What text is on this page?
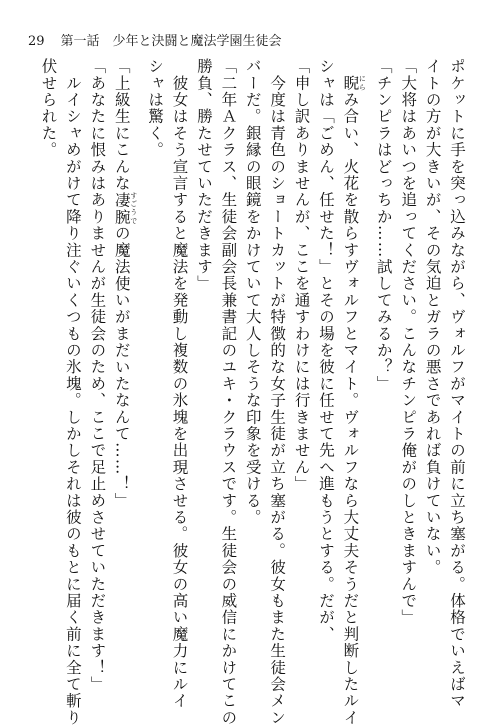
29 第一話　少年と決闘と魔法学園生徒会
ポケットに手を突っ込みながら、ヴォルフがマイトの前に立ち塞がる。体格でいえばマ
イトの方が大きいが、その気迫とガラの悪さであれば負けていない。
「大将はあいつを追ってください。こんなチンピラ俺がのしときますんで」
「チンピラはどっちか……試してみるか？」
　睨 にらみ合い、火花を散らすヴォルフとマイト。ヴォルフなら大丈夫そうだと判断したルイ
シャは「ごめん、任せた！」とその場を彼に任せて先へ進もうとする。だが、
「申し訳ありませんが、ここを通すわけには行きません」
　今度は青色のショートカットが特徴的な女子生徒が立ち塞がる。彼女もまた生徒会メン
バーだ。銀縁の眼鏡をかけていて大人しそうな印象を受ける。
「二年Ａクラス、生徒会副会長兼書記のユキ・クラウスです。生徒会の威信にかけてこの
勝負、勝たせていただきます」
　彼女はそう宣言すると魔法を発動し複数の氷塊を出現させる。彼女の高い魔力にルイ
シャは驚く。
「上級生にこんな凄腕 すごうでの魔法使いがまだいたなんて……！」
「あなたに恨みはありませんが生徒会のため、ここで足止めさせていただきます！」
　ルイシャめがけて降り注ぐいくつもの氷塊。しかしそれは彼のもとに届く前に全て斬り
伏せられた。
